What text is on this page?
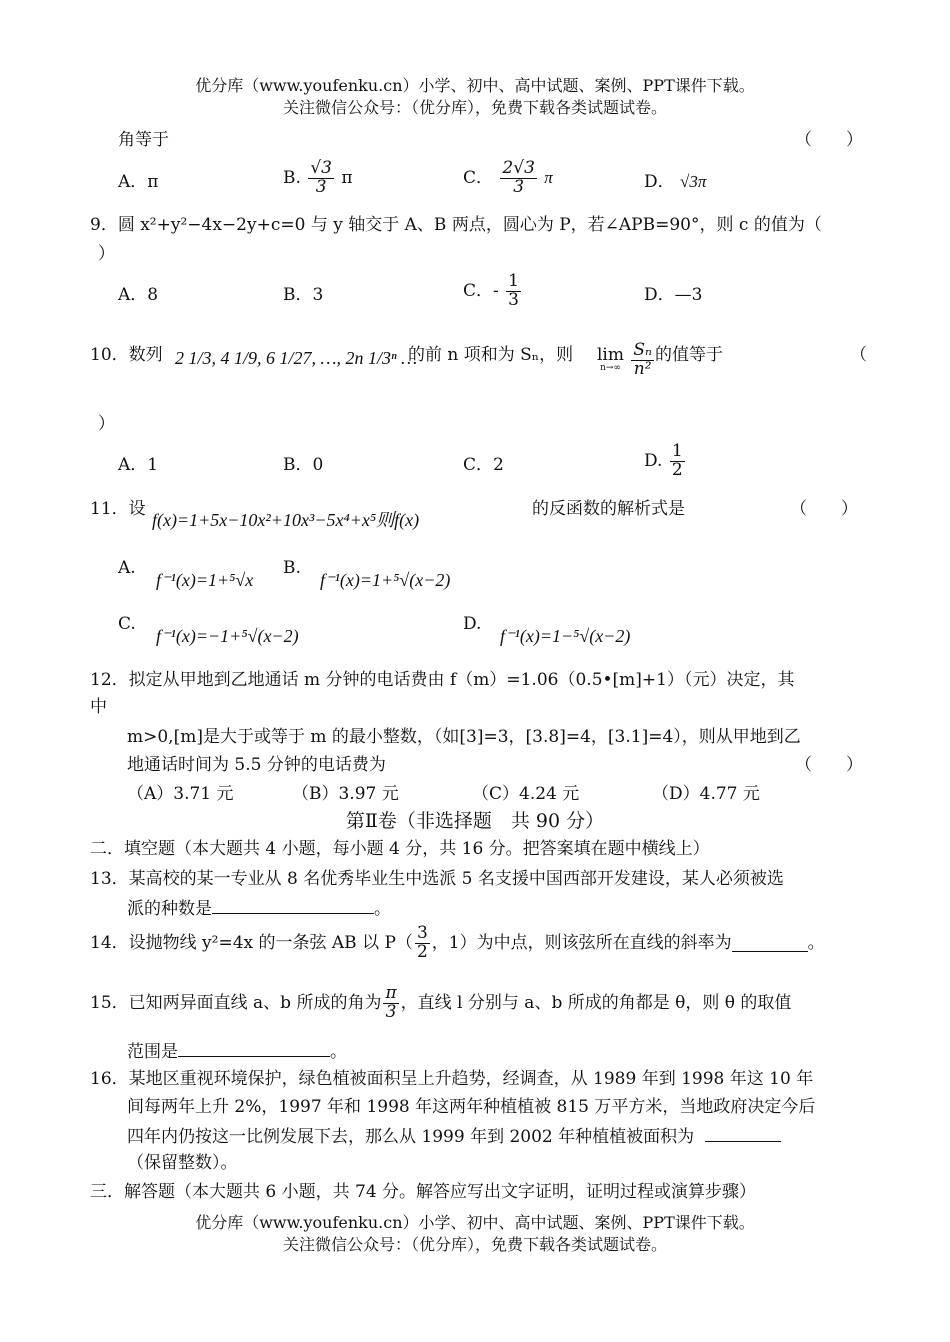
优分库（www.youfenku.cn）小学、初中、高中试题、案例、PPT课件下载。
关注微信公众号：（优分库），免费下载各类试题试卷。
角等于	（　　）
A．π	B. $\frac{√3}{3}$ π	C． $\frac{2√3}{3}$ π	D． √3π
9．圆 x²+y²−4x−2y+c=0 与 y 轴交于 A、B 两点，圆心为 P，若∠APB=90°，则 c 的值为（
）
A．8	B．3	C．- $\frac{1}{3}$	D．—3
10．数列 2 1/3, 4 1/9, 6 1/27, …, 2n 1/3ⁿ …
的前 n 项和为 Sₙ，则 lim
n→∞
$\frac{\text{Sₙ}}{\text{n²}}$ 的值等于	（
）
A．1	B．0	C．2	D. $\frac{1}{2}$
11．设
f(x)=1+5x−10x²+10x³−5x⁴+x⁵则f(x)
的反函数的解析式是	（　　）
A.
f⁻¹(x)=1+⁵√x
B.
f⁻¹(x)=1+⁵√(x−2)
C.
f⁻¹(x)=−1+⁵√(x−2)
D.
f⁻¹(x)=1−⁵√(x−2)
12．拟定从甲地到乙地通话 m 分钟的电话费由 f（m）=1.06（0.5•[m]+1）（元）决定，其
中
m>0,[m]是大于或等于 m 的最小整数，（如[3]=3，[3.8]=4，[3.1]=4），则从甲地到乙
地通话时间为 5.5 分钟的电话费为	（　　）
（A）3.71 元	（B）3.97 元	（C）4.24 元	（D）4.77 元
第Ⅱ卷（非选择题　共 90 分）
二．填空题（本大题共 4 小题，每小题 4 分，共 16 分。把答案填在题中横线上）
13．某高校的某一专业从 8 名优秀毕业生中选派 5 名支援中国西部开发建设，某人必须被选
派的种数是	。
14．设抛物线 y²=4x 的一条弦 AB 以 $P( \frac{3}{2}$ ，1）为中点，则该弦所在直线的斜率为	。
15．已知两异面直线 a、b 所成的角为 $\frac{\pi}{3}$ ，直线 l 分别与 a、b 所成的角都是 θ，则 θ 的取值
范围是	。
16．某地区重视环境保护，绿色植被面积呈上升趋势，经调查，从 1989 年到 1998 年这 10 年
间每两年上升 2%，1997 年和 1998 年这两年种植植被 815 万平方米，当地政府决定今后
四年内仍按这一比例发展下去，那么从 1999 年到 2002 年种植植被面积为
（保留整数）。
三．解答题（本大题共 6 小题，共 74 分。解答应写出文字证明，证明过程或演算步骤）
优分库（www.youfenku.cn）小学、初中、高中试题、案例、PPT课件下载。
关注微信公众号：（优分库），免费下载各类试题试卷。
